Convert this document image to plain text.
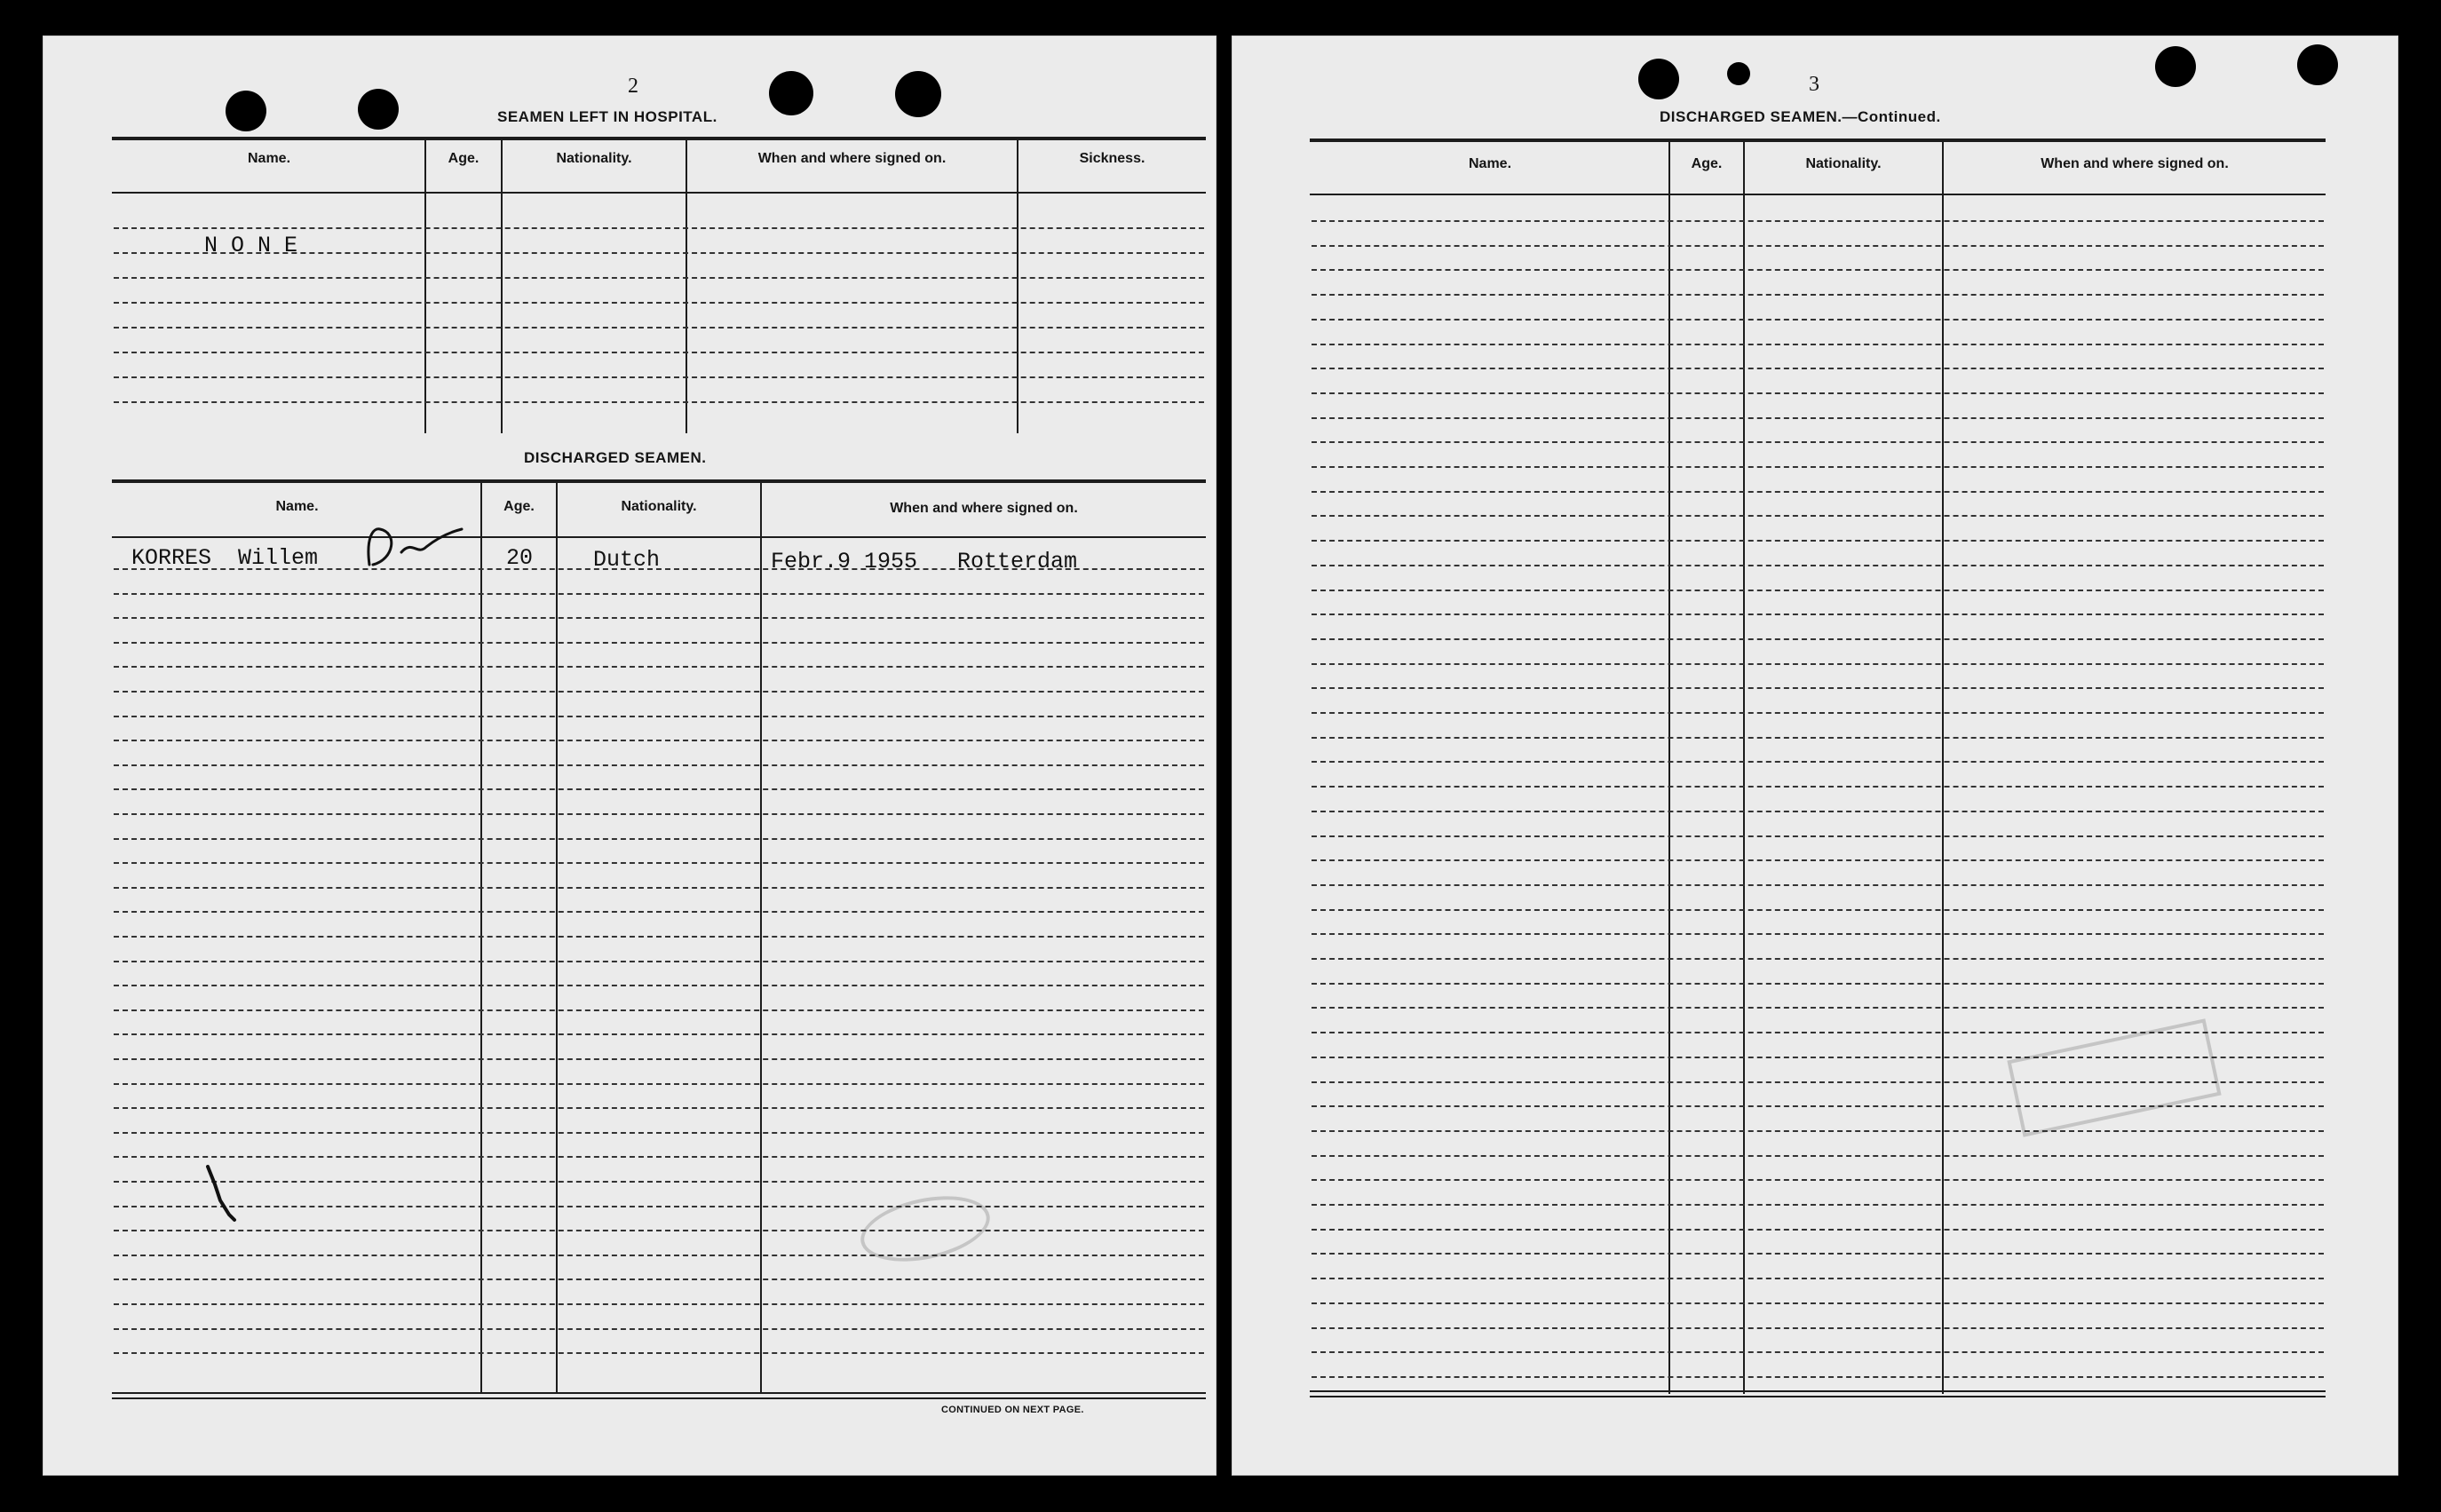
2
SEAMEN LEFT IN HOSPITAL.
Name.	Age.	Nationality.	When and where signed on.	Sickness.
N O N E
DISCHARGED SEAMEN.
Name.	Age.	Nationality.	When and where signed on.
KORRES  Willem	20	Dutch	Febr.9 1955   Rotterdam
CONTINUED ON NEXT PAGE.
3
DISCHARGED SEAMEN.—Continued.
Name.	Age.	Nationality.	When and where signed on.
